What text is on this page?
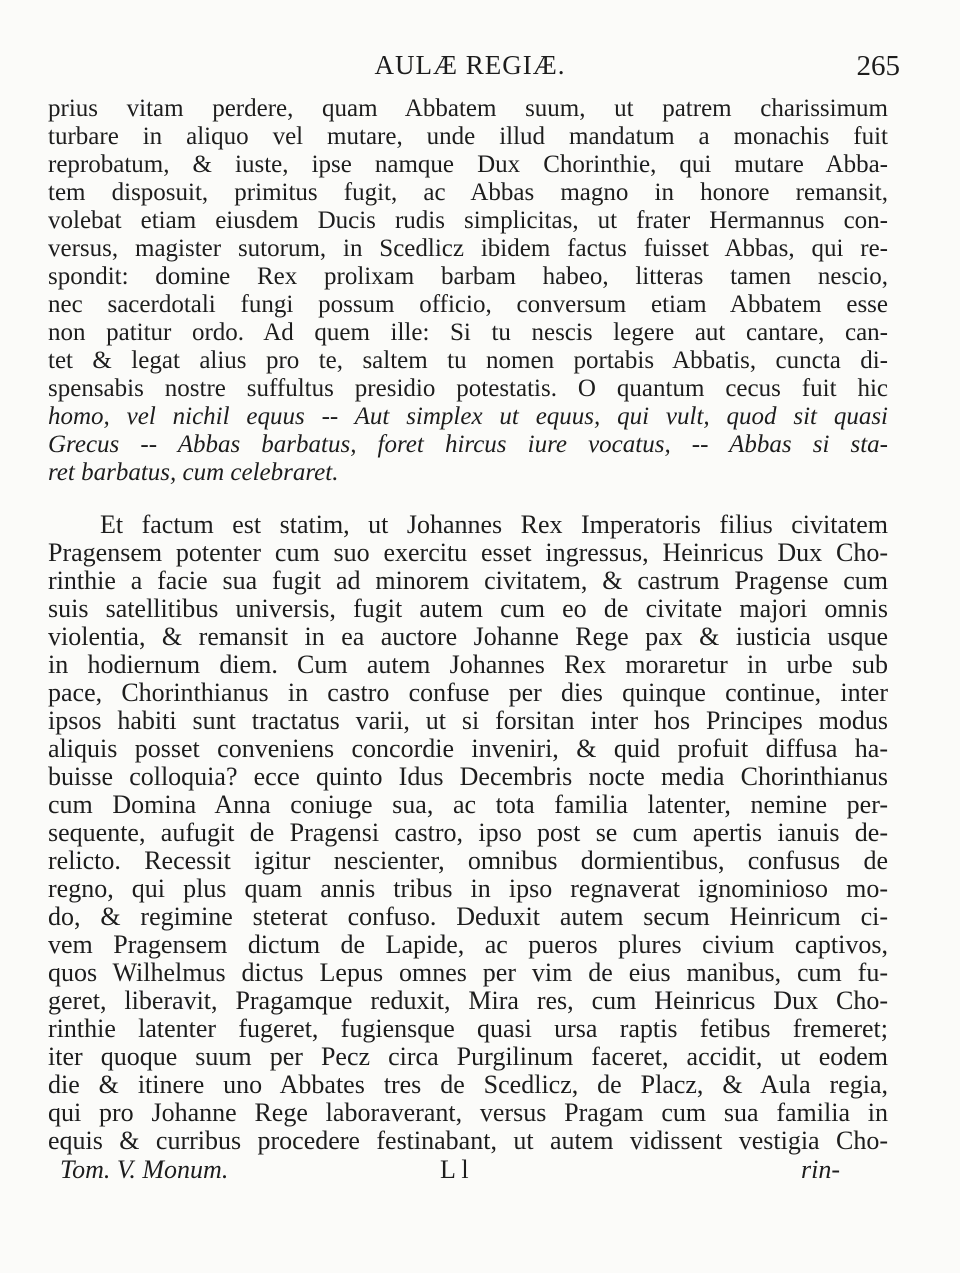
AULÆ REGIÆ.	265
prius vitam perdere, quam Abbatem suum, ut patrem charissimum
turbare in aliquo vel mutare, unde illud mandatum a monachis fuit
reprobatum, & iuste, ipse namque Dux Chorinthie, qui mutare Abba-
tem disposuit, primitus fugit, ac Abbas magno in honore remansit,
volebat etiam eiusdem Ducis rudis simplicitas, ut frater Hermannus con-
versus, magister sutorum, in Scedlicz ibidem factus fuisset Abbas, qui re-
spondit: domine Rex prolixam barbam habeo, litteras tamen nescio,
nec sacerdotali fungi possum officio, conversum etiam Abbatem esse
non patitur ordo. Ad quem ille: Si tu nescis legere aut cantare, can-
tet & legat alius pro te, saltem tu nomen portabis Abbatis, cuncta di-
spensabis nostre suffultus presidio potestatis. O quantum cecus fuit hic
homo, vel nichil equus -- Aut simplex ut equus, qui vult, quod sit quasi
Grecus -- Abbas barbatus, foret hircus iure vocatus, -- Abbas si sta-
ret barbatus, cum celebraret.
Et factum est statim, ut Johannes Rex Imperatoris filius civitatem
Pragensem potenter cum suo exercitu esset ingressus, Heinricus Dux Cho-
rinthie a facie sua fugit ad minorem civitatem, & castrum Pragense cum
suis satellitibus universis, fugit autem cum eo de civitate majori omnis
violentia, & remansit in ea auctore Johanne Rege pax & iusticia usque
in hodiernum diem. Cum autem Johannes Rex moraretur in urbe sub
pace, Chorinthianus in castro confuse per dies quinque continue, inter
ipsos habiti sunt tractatus varii, ut si forsitan inter hos Principes modus
aliquis posset conveniens concordie inveniri, & quid profuit diffusa ha-
buisse colloquia? ecce quinto Idus Decembris nocte media Chorinthianus
cum Domina Anna coniuge sua, ac tota familia latenter, nemine per-
sequente, aufugit de Pragensi castro, ipso post se cum apertis ianuis de-
relicto. Recessit igitur nescienter, omnibus dormientibus, confusus de
regno, qui plus quam annis tribus in ipso regnaverat ignominioso mo-
do, & regimine steterat confuso. Deduxit autem secum Heinricum ci-
vem Pragensem dictum de Lapide, ac pueros plures civium captivos,
quos Wilhelmus dictus Lepus omnes per vim de eius manibus, cum fu-
geret, liberavit, Pragamque reduxit, Mira res, cum Heinricus Dux Cho-
rinthie latenter fugeret, fugiensque quasi ursa raptis fetibus fremeret;
iter quoque suum per Pecz circa Purgilinum faceret, accidit, ut eodem
die & itinere uno Abbates tres de Scedlicz, de Placz, & Aula regia,
qui pro Johanne Rege laboraverant, versus Pragam cum sua familia in
equis & curribus procedere festinabant, ut autem vidissent vestigia Cho-
Tom. V. Monum.	L l	rin-
